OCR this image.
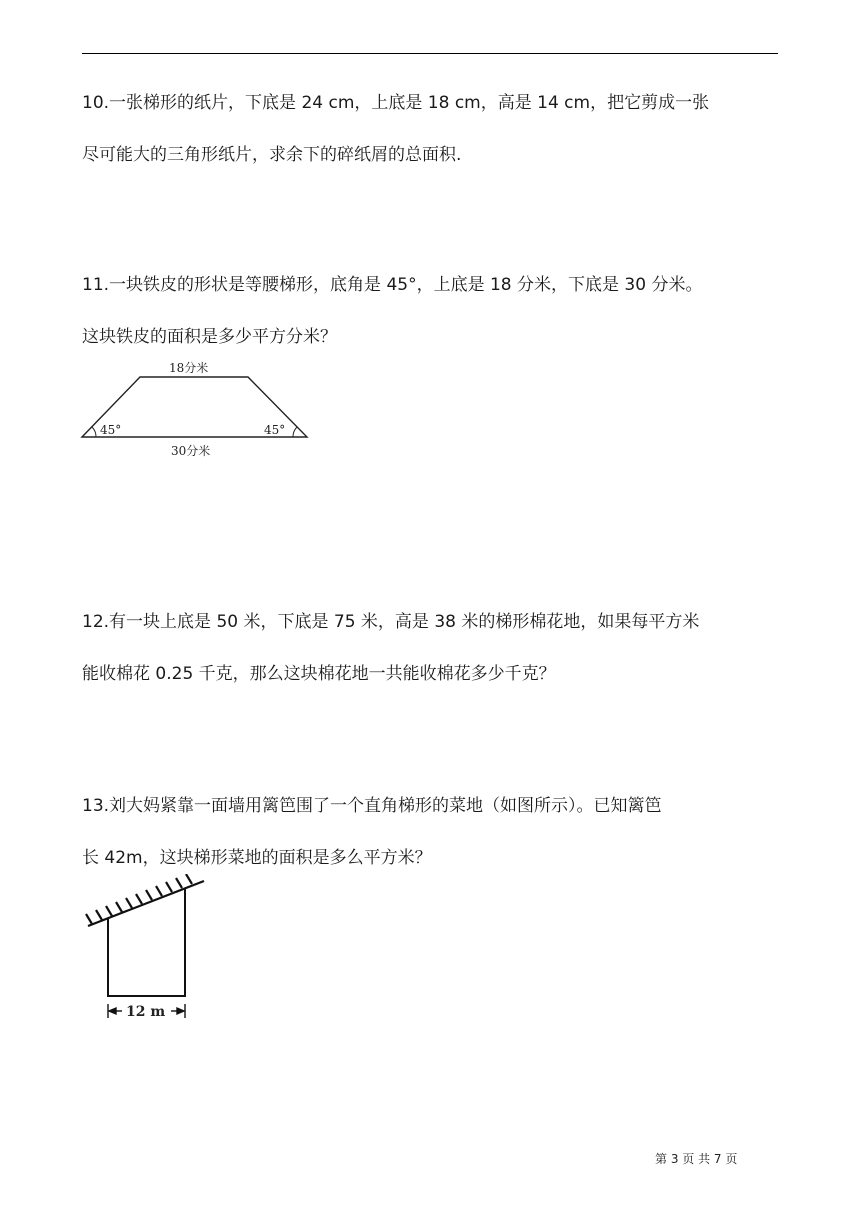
10.一张梯形的纸片，下底是 24 cm，上底是 18 cm，高是 14 cm，把它剪成一张

尽可能大的三角形纸片，求余下的碎纸屑的总面积.

11.一块铁皮的形状是等腰梯形，底角是 45°，上底是 18 分米，下底是 30 分米。

这块铁皮的面积是多少平方分米？

18分米
45°	45°
30分米

12.有一块上底是 50 米，下底是 75 米，高是 38 米的梯形棉花地，如果每平方米

能收棉花 0.25 千克，那么这块棉花地一共能收棉花多少千克？

13.刘大妈紧靠一面墙用篱笆围了一个直角梯形的菜地（如图所示）。已知篱笆

长 42m，这块梯形菜地的面积是多么平方米？

12 m
第 3 页 共 7 页
